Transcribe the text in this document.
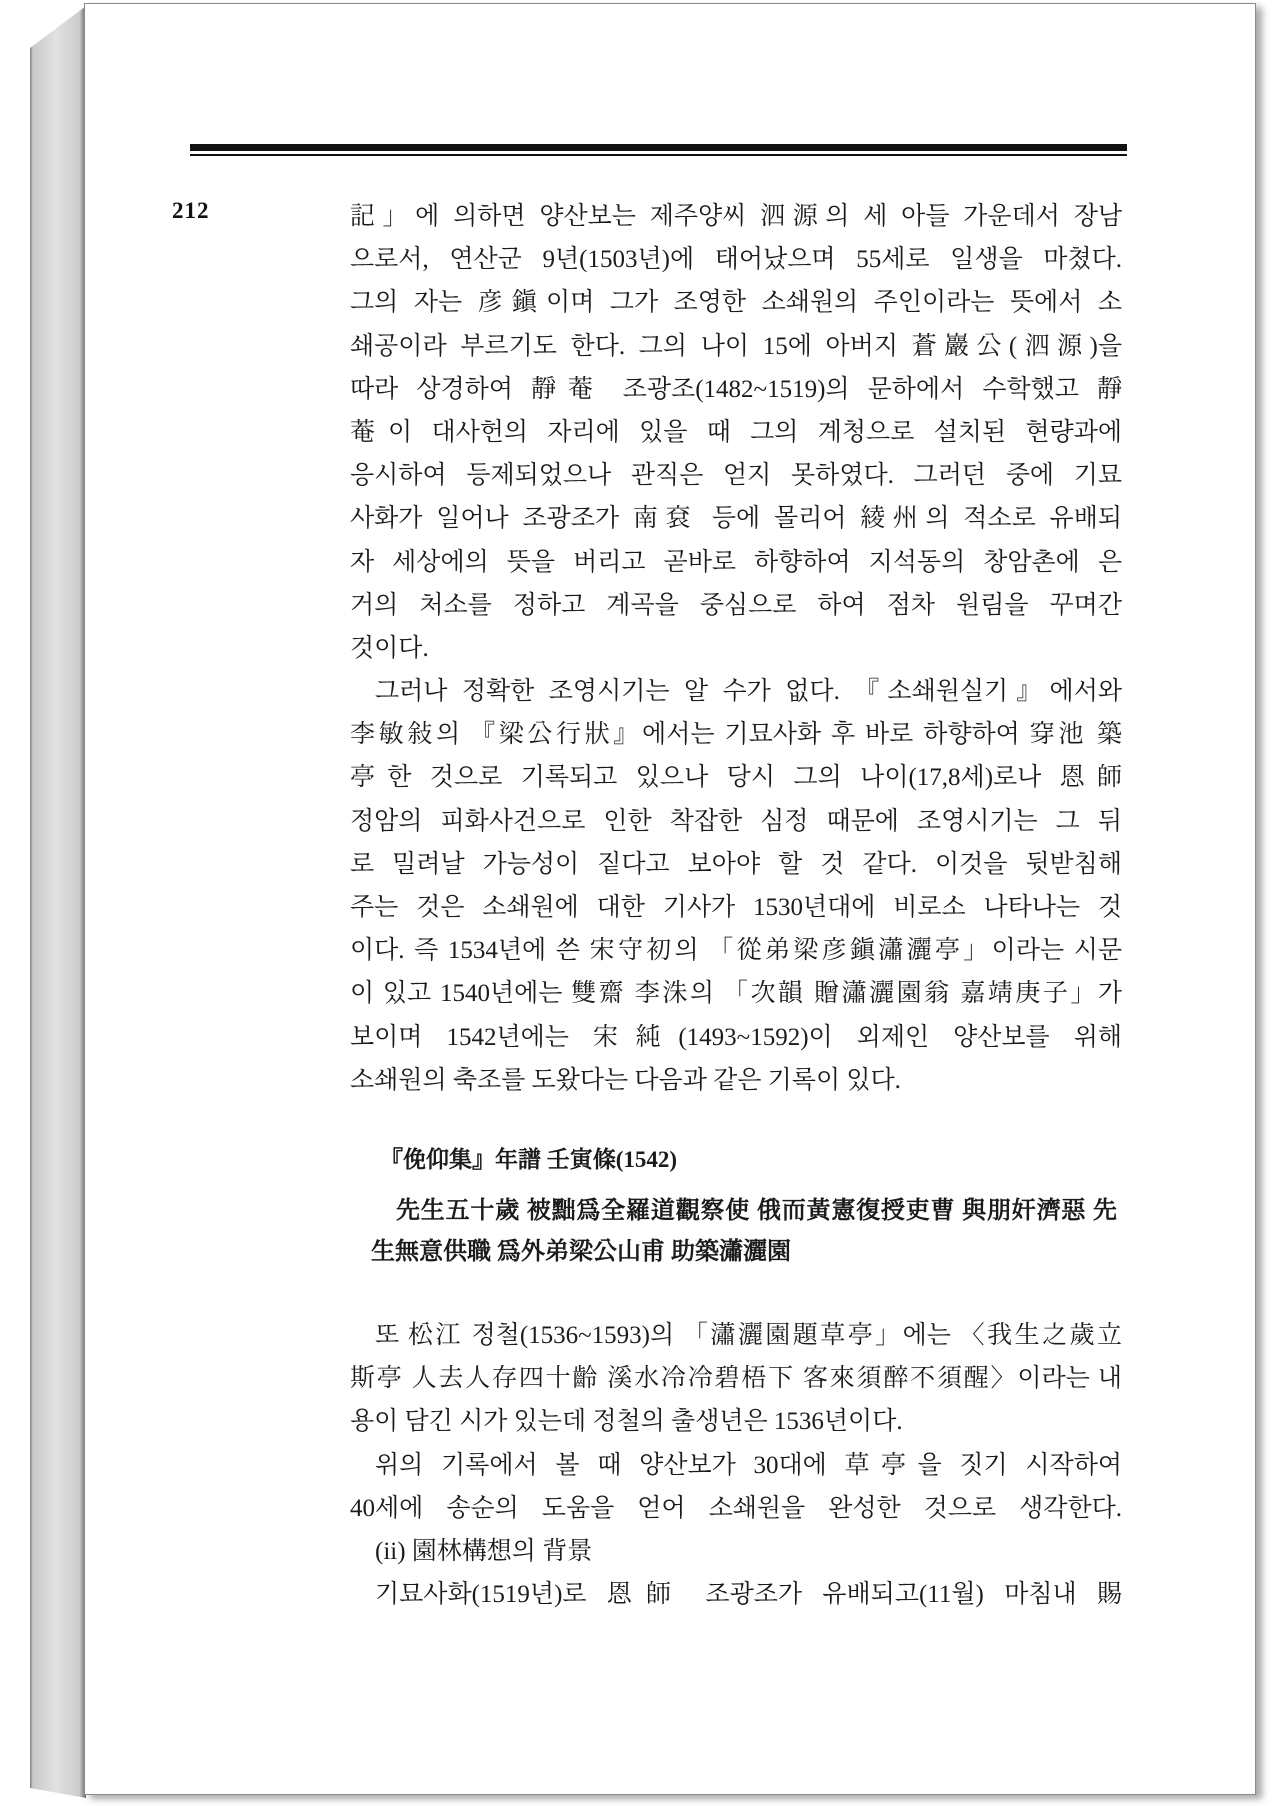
212	記」에 의하면 양산보는 제주양씨 泗源의 세 아들 가운데서 장남
으로서, 연산군 9년(1503년)에 태어났으며 55세로 일생을 마쳤다.
그의 자는 彦鎭이며 그가 조영한 소쇄원의 주인이라는 뜻에서 소
쇄공이라 부르기도 한다. 그의 나이 15에 아버지 蒼巖公(泗源)을
따라 상경하여 靜菴 조광조(1482~1519)의 문하에서 수학했고 靜
菴이 대사헌의 자리에 있을 때 그의 계청으로 설치된 현량과에
응시하여 등제되었으나 관직은 얻지 못하였다. 그러던 중에 기묘
사화가 일어나 조광조가 南袞 등에 몰리어 綾州의 적소로 유배되
자 세상에의 뜻을 버리고 곧바로 하향하여 지석동의 창암촌에 은
거의 처소를 정하고 계곡을 중심으로 하여 점차 원림을 꾸며간
것이다.
그러나 정확한 조영시기는 알 수가 없다. 『소쇄원실기』에서와
李敏敍의 『梁公行狀』에서는 기묘사화 후 바로 하향하여 穿池 築
亭한 것으로 기록되고 있으나 당시 그의 나이(17,8세)로나 恩師
정암의 피화사건으로 인한 착잡한 심정 때문에 조영시기는 그 뒤
로 밀려날 가능성이 짙다고 보아야 할 것 같다. 이것을 뒷받침해
주는 것은 소쇄원에 대한 기사가 1530년대에 비로소 나타나는 것
이다. 즉 1534년에 쓴 宋守初의 「從弟梁彦鎭瀟灑亭」이라는 시문
이 있고 1540년에는 雙齋 李洙의 「次韻 贈瀟灑園翁 嘉靖庚子」가
보이며 1542년에는 宋純(1493~1592)이 외제인 양산보를 위해
소쇄원의 축조를 도왔다는 다음과 같은 기록이 있다.
『俛仰集』年譜 壬寅條(1542)
先生五十歲 被黜爲全羅道觀察使 俄而黃憲復授吏曹 與朋奸濟惡 先
生無意供職 爲外弟梁公山甫 助築瀟灑園
또 松江 정철(1536~1593)의 「瀟灑園題草亭」에는 〈我生之歲立
斯亭 人去人存四十齡 溪水冷冷碧梧下 客來須醉不須醒〉이라는 내
용이 담긴 시가 있는데 정철의 출생년은 1536년이다.
위의 기록에서 볼 때 양산보가 30대에 草亭을 짓기 시작하여
40세에 송순의 도움을 얻어 소쇄원을 완성한 것으로 생각한다.
(ii) 園林構想의 背景
기묘사화(1519년)로 恩師 조광조가 유배되고(11월) 마침내 賜
